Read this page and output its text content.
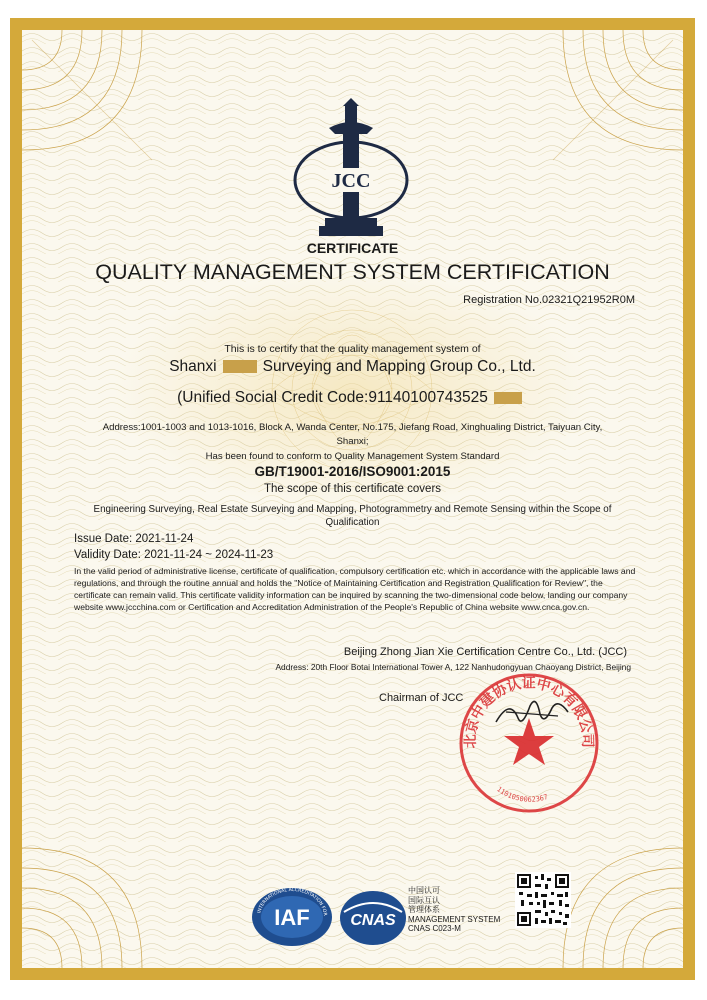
JCC
CERTIFICATE
QUALITY MANAGEMENT SYSTEM CERTIFICATION
Registration No.02321Q21952R0M
This is to certify that the quality management system of
Shanxi	Surveying and Mapping Group Co., Ltd.
(Unified Social Credit Code:91140100743525
Address:1001-1003 and 1013-1016, Block A, Wanda Center, No.175, Jiefang Road, Xinghualing District, Taiyuan City,
Shanxi;
Has been found to conform to Quality Management System Standard
GB/T19001-2016/ISO9001:2015
The scope of this certificate covers
Engineering Surveying, Real Estate Surveying and Mapping, Photogrammetry and Remote Sensing within the Scope of
Qualification
Issue Date: 2021-11-24
Validity Date: 2021-11-24 ~ 2024-11-23
In the valid period of administrative license, certificate of qualification, compulsory certification etc. which in accordance with the applicable laws and regulations, and through the routine annual and holds the "Notice of Maintaining Certification and Registration Qualification for Review", the certificate can remain valid. This certificate validity information can be inquired by scanning the two-dimensional code below, landing our company website www.jccchina.com or Certification and Accreditation Administration of the People's Republic of China website www.cnca.gov.cn.
Beijing Zhong Jian Xie Certification Centre Co., Ltd. (JCC)
Address: 20th Floor Botai International Tower A, 122 Nanhudongyuan Chaoyang District, Beijing
Chairman of JCC
北京中建协认证中心有限公司
1101050062367
INTERNATIONAL ACCREDITATION FOR
IAF	CNAS
中国认可
国际互认
管理体系
MANAGEMENT SYSTEM
CNAS C023-M
